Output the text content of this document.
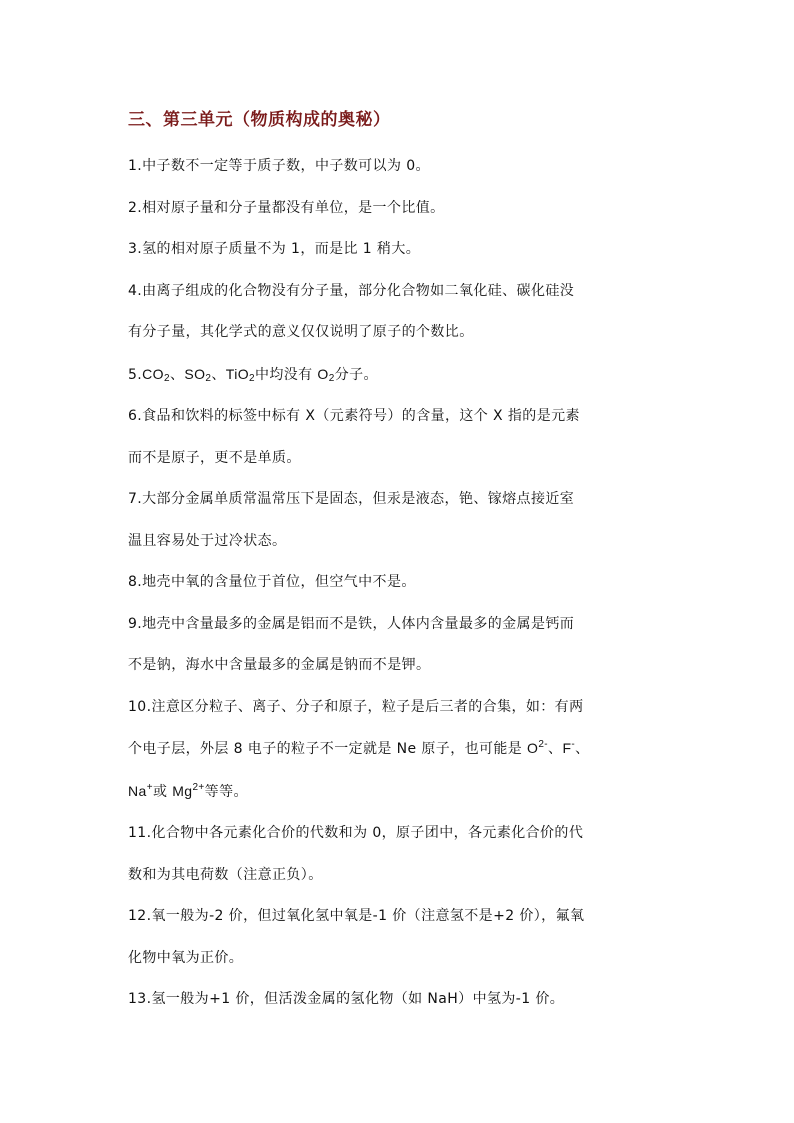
三、第三单元（物质构成的奥秘）
1.中子数不一定等于质子数，中子数可以为 0。
2.相对原子量和分子量都没有单位，是一个比值。
3.氢的相对原子质量不为 1，而是比 1 稍大。
4.由离子组成的化合物没有分子量，部分化合物如二氧化硅、碳化硅没
有分子量，其化学式的意义仅仅说明了原子的个数比。
$5.CO_2$、$SO_2$、TiO$_2$中均没有 $O_2$分子。
6.食品和饮料的标签中标有 X（元素符号）的含量，这个 X 指的是元素
而不是原子，更不是单质。
7.大部分金属单质常温常压下是固态，但汞是液态，铯、镓熔点接近室
温且容易处于过冷状态。
8.地壳中氧的含量位于首位，但空气中不是。
9.地壳中含量最多的金属是铝而不是铁，人体内含量最多的金属是钙而
不是钠，海水中含量最多的金属是钠而不是钾。
10.注意区分粒子、离子、分子和原子，粒子是后三者的合集，如：有两
个电子层，外层 8 电子的粒子不一定就是 Ne 原子，也可能是 $O^{2-}$、F-、
Na+或 $Mg^{2+}$等等。
11.化合物中各元素化合价的代数和为 0，原子团中，各元素化合价的代
数和为其电荷数（注意正负）。
12.氧一般为-2 价，但过氧化氢中氧是-1 价（注意氢不是+2 价），氟氧
化物中氧为正价。
13.氢一般为+1 价，但活泼金属的氢化物（如 NaH）中氢为-1 价。
